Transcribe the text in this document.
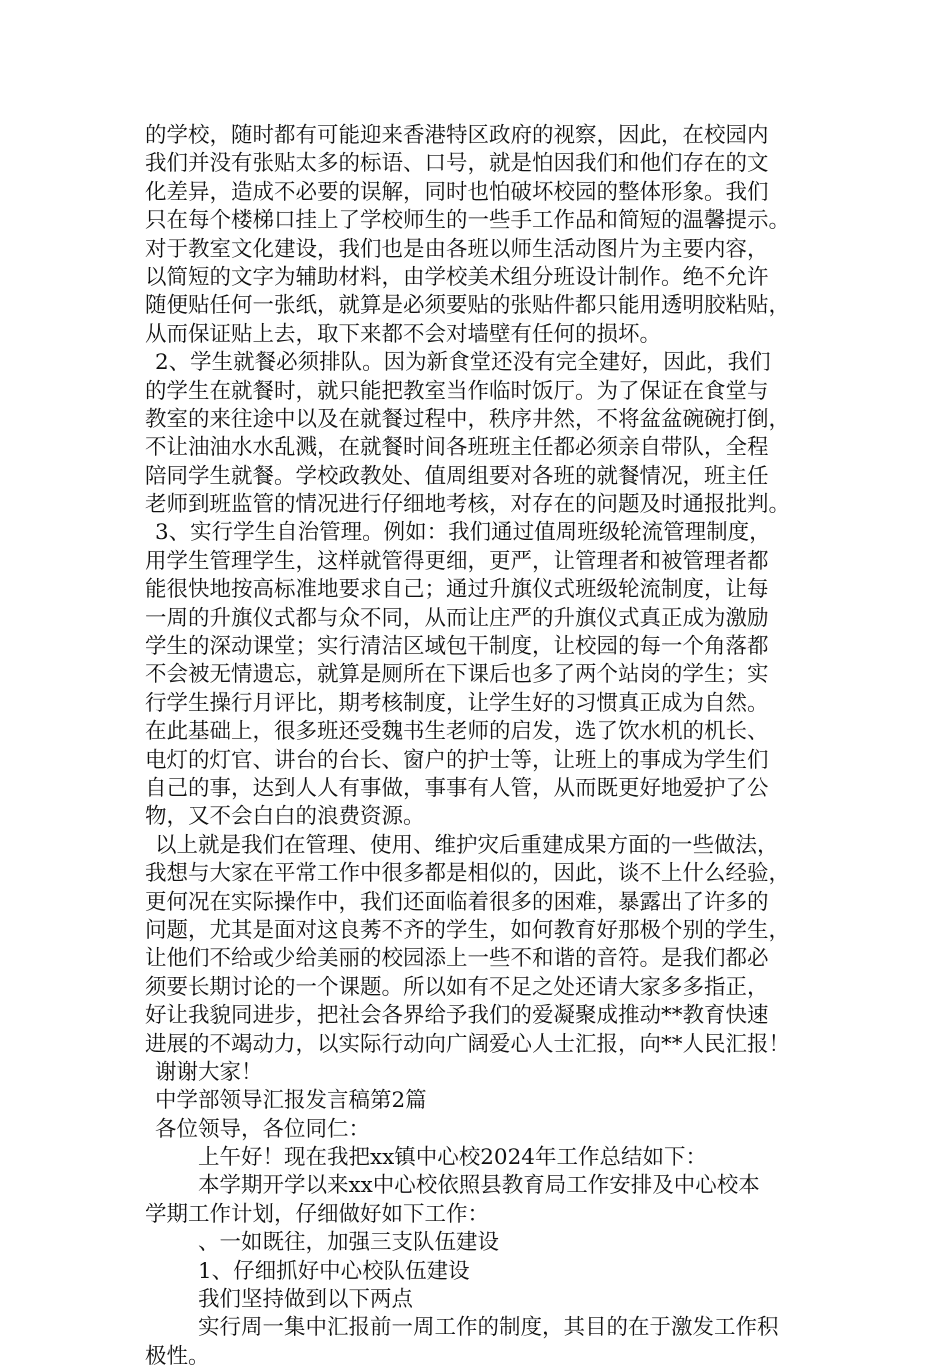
的学校，随时都有可能迎来香港特区政府的视察，因此，在校园内
我们并没有张贴太多的标语、口号，就是怕因我们和他们存在的文
化差异，造成不必要的误解，同时也怕破坏校园的整体形象。我们
只在每个楼梯口挂上了学校师生的一些手工作品和简短的温馨提示。
对于教室文化建设，我们也是由各班以师生活动图片为主要内容，
以简短的文字为辅助材料，由学校美术组分班设计制作。绝不允许
随便贴任何一张纸，就算是必须要贴的张贴件都只能用透明胶粘贴，
从而保证贴上去，取下来都不会对墙壁有任何的损坏。
2、学生就餐必须排队。因为新食堂还没有完全建好，因此，我们
的学生在就餐时，就只能把教室当作临时饭厅。为了保证在食堂与
教室的来往途中以及在就餐过程中，秩序井然，不将盆盆碗碗打倒，
不让油油水水乱溅，在就餐时间各班班主任都必须亲自带队，全程
陪同学生就餐。学校政教处、值周组要对各班的就餐情况，班主任
老师到班监管的情况进行仔细地考核，对存在的问题及时通报批判。
3、实行学生自治管理。例如：我们通过值周班级轮流管理制度，
用学生管理学生，这样就管得更细，更严，让管理者和被管理者都
能很快地按高标准地要求自己；通过升旗仪式班级轮流制度，让每
一周的升旗仪式都与众不同，从而让庄严的升旗仪式真正成为激励
学生的深动课堂；实行清洁区域包干制度，让校园的每一个角落都
不会被无情遗忘，就算是厕所在下课后也多了两个站岗的学生；实
行学生操行月评比，期考核制度，让学生好的习惯真正成为自然。
在此基础上，很多班还受魏书生老师的启发，选了饮水机的机长、
电灯的灯官、讲台的台长、窗户的护士等，让班上的事成为学生们
自己的事，达到人人有事做，事事有人管，从而既更好地爱护了公
物，又不会白白的浪费资源。
以上就是我们在管理、使用、维护灾后重建成果方面的一些做法，
我想与大家在平常工作中很多都是相似的，因此，谈不上什么经验，
更何况在实际操作中，我们还面临着很多的困难，暴露出了许多的
问题，尤其是面对这良莠不齐的学生，如何教育好那极个别的学生，
让他们不给或少给美丽的校园添上一些不和谐的音符。是我们都必
须要长期讨论的一个课题。所以如有不足之处还请大家多多指正，
好让我貌同进步，把社会各界给予我们的爱凝聚成推动**教育快速
进展的不竭动力，以实际行动向广阔爱心人士汇报，向**人民汇报！
谢谢大家！
中学部领导汇报发言稿第2篇
各位领导，各位同仁：
上午好！现在我把xx镇中心校2024年工作总结如下：
本学期开学以来xx中心校依照县教育局工作安排及中心校本
学期工作计划，仔细做好如下工作：
、一如既往，加强三支队伍建设
1、仔细抓好中心校队伍建设
我们坚持做到以下两点
实行周一集中汇报前一周工作的制度，其目的在于激发工作积
极性。
